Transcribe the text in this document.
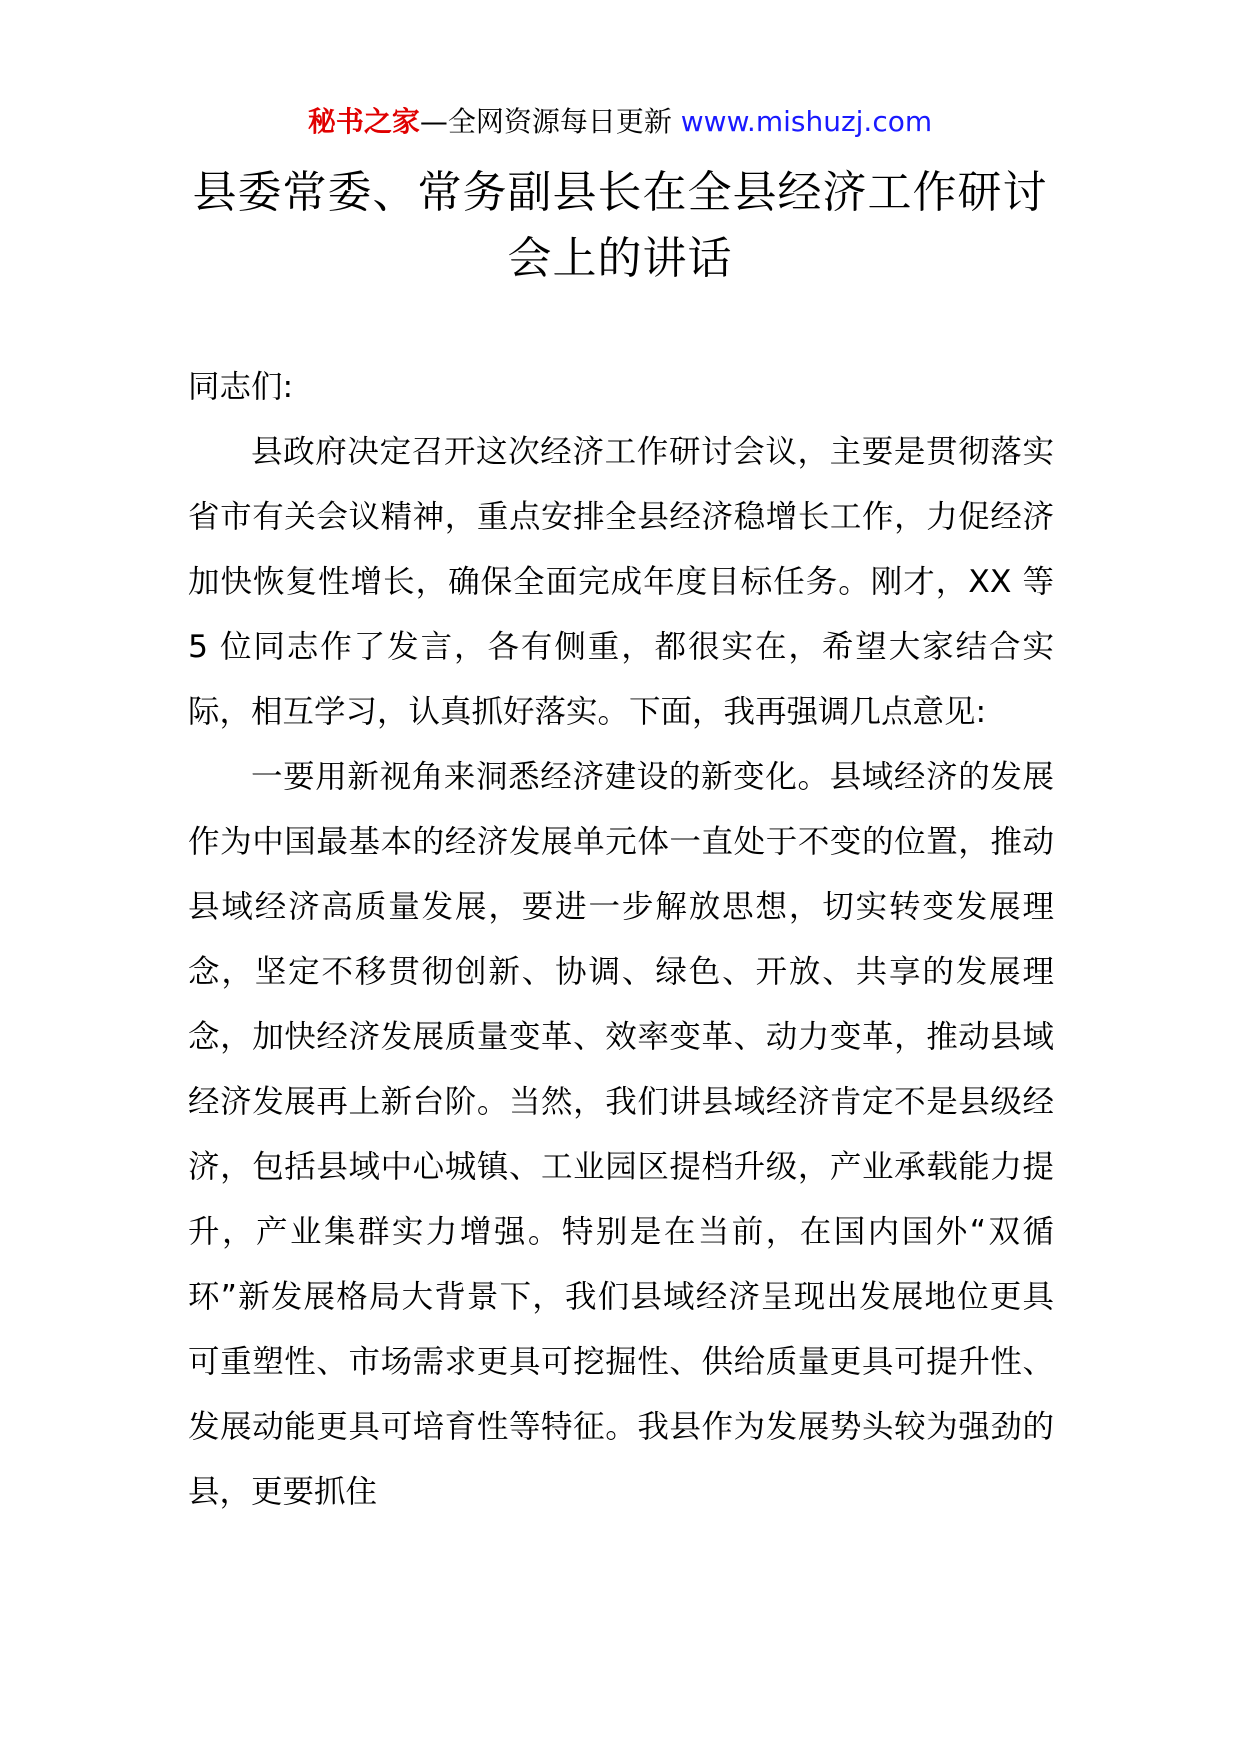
秘书之家—全网资源每日更新 www.mishuzj.com
县委常委、常务副县长在全县经济工作研讨会上的讲话

同志们:

县政府决定召开这次经济工作研讨会议，主要是贯彻落实省市有关会议精神，重点安排全县经济稳增长工作，力促经济加快恢复性增长，确保全面完成年度目标任务。刚才，XX 等 5 位同志作了发言，各有侧重，都很实在，希望大家结合实际，相互学习，认真抓好落实。下面，我再强调几点意见:

一要用新视角来洞悉经济建设的新变化。县域经济的发展作为中国最基本的经济发展单元体一直处于不变的位置，推动县域经济高质量发展，要进一步解放思想，切实转变发展理念，坚定不移贯彻创新、协调、绿色、开放、共享的发展理念，加快经济发展质量变革、效率变革、动力变革，推动县域经济发展再上新台阶。当然，我们讲县域经济肯定不是县级经济，包括县域中心城镇、工业园区提档升级，产业承载能力提升，产业集群实力增强。特别是在当前，在国内国外“双循环”新发展格局大背景下，我们县域经济呈现出发展地位更具可重塑性、市场需求更具可挖掘性、供给质量更具可提升性、发展动能更具可培育性等特征。我县作为发展势头较为强劲的县，更要抓住
